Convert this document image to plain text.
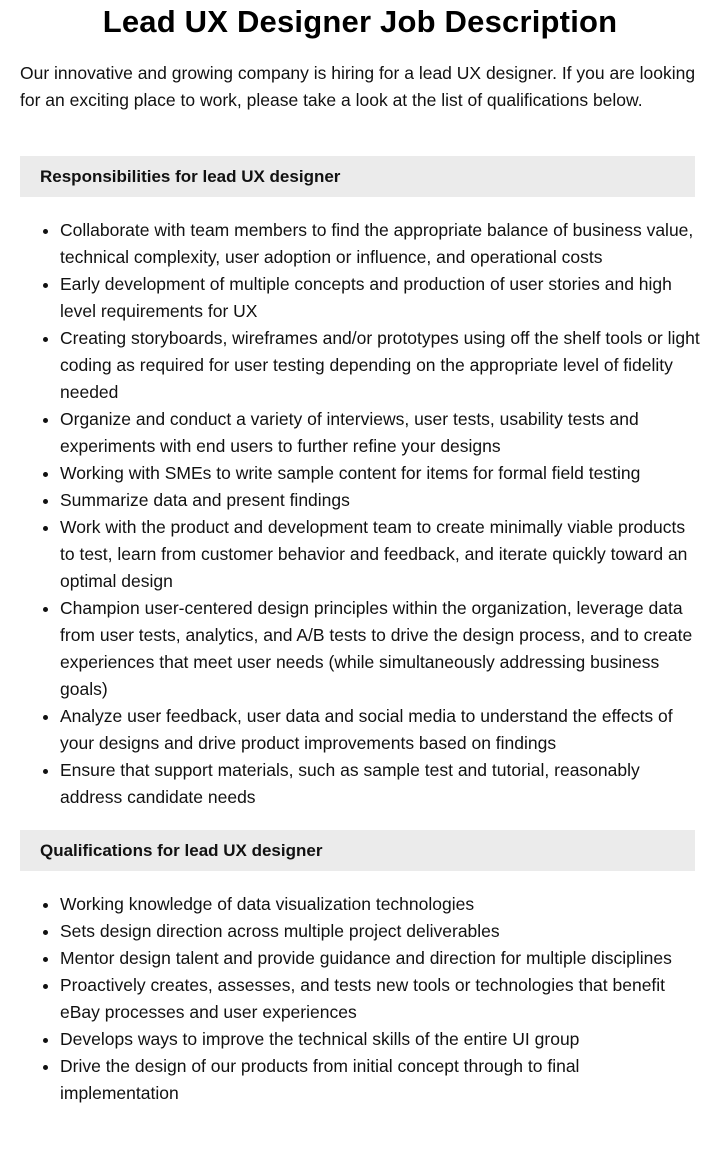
Lead UX Designer Job Description

Our innovative and growing company is hiring for a lead UX designer. If you are looking for an exciting place to work, please take a look at the list of qualifications below.

Responsibilities for lead UX designer
Collaborate with team members to find the appropriate balance of business value, technical complexity, user adoption or influence, and operational costs
Early development of multiple concepts and production of user stories and high level requirements for UX
Creating storyboards, wireframes and/or prototypes using off the shelf tools or light coding as required for user testing depending on the appropriate level of fidelity needed
Organize and conduct a variety of interviews, user tests, usability tests and experiments with end users to further refine your designs
Working with SMEs to write sample content for items for formal field testing
Summarize data and present findings
Work with the product and development team to create minimally viable products to test, learn from customer behavior and feedback, and iterate quickly toward an optimal design
Champion user-centered design principles within the organization, leverage data from user tests, analytics, and A/B tests to drive the design process, and to create experiences that meet user needs (while simultaneously addressing business goals)
Analyze user feedback, user data and social media to understand the effects of your designs and drive product improvements based on findings
Ensure that support materials, such as sample test and tutorial, reasonably address candidate needs
Qualifications for lead UX designer
Working knowledge of data visualization technologies
Sets design direction across multiple project deliverables
Mentor design talent and provide guidance and direction for multiple disciplines
Proactively creates, assesses, and tests new tools or technologies that benefit eBay processes and user experiences
Develops ways to improve the technical skills of the entire UI group
Drive the design of our products from initial concept through to final implementation
